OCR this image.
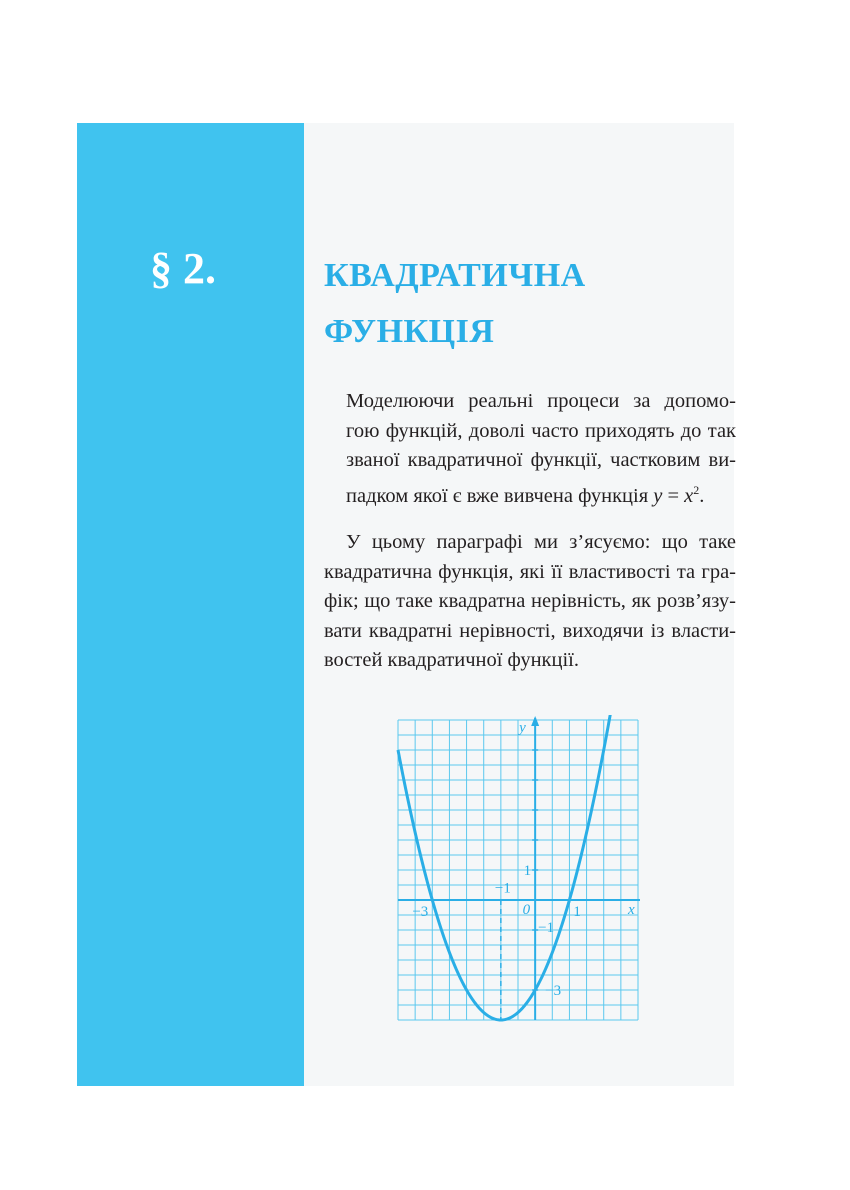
§ 2.	КВАДРАТИЧНА
ФУНКЦІЯ

Моделюючи реальні процеси за допомо-
гою функцій, доволі часто приходять до так
званої квадратичної функції, частковим ви-
падком якої є вже вивчена функція $y = x^2$.

У цьому параграфі ми з’ясуємо: що таке
квадратична функція, які її властивості та гра-
фік; що таке квадратна нерівність, як розв’язу-
вати квадратні нерівності, виходячи із власти-
востей квадратичної функції.

y
x
−3	0	1
1
−1
−1
−3
